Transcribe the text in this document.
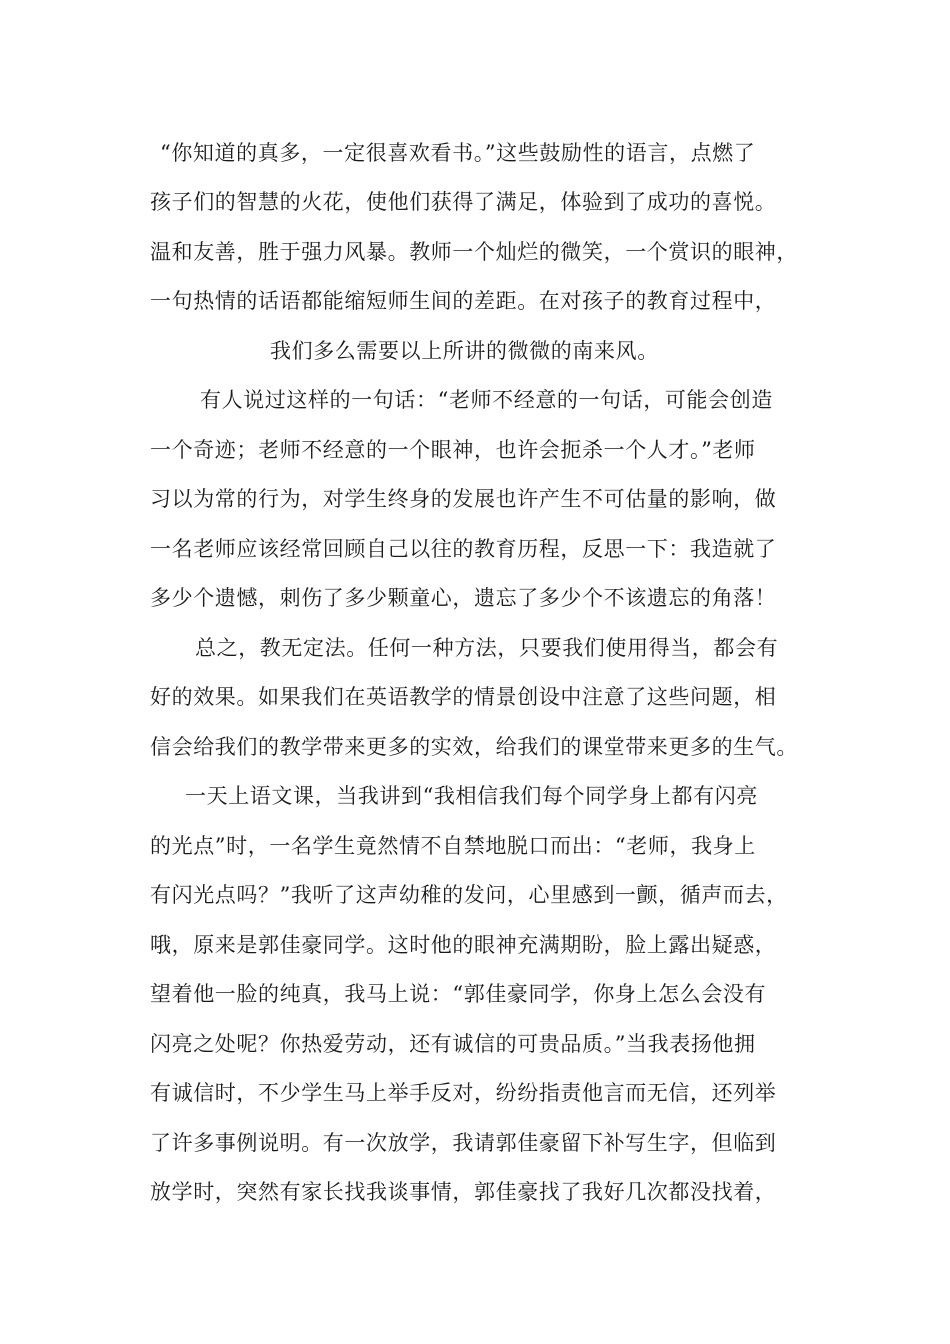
“你知道的真多，一定很喜欢看书。”这些鼓励性的语言，点燃了
孩子们的智慧的火花，使他们获得了满足，体验到了成功的喜悦。
温和友善，胜于强力风暴。教师一个灿烂的微笑，一个赏识的眼神，
一句热情的话语都能缩短师生间的差距。在对孩子的教育过程中，
我们多么需要以上所讲的微微的南来风。
有人说过这样的一句话：“老师不经意的一句话，可能会创造
一个奇迹；老师不经意的一个眼神，也许会扼杀一个人才。”老师
习以为常的行为，对学生终身的发展也许产生不可估量的影响，做
一名老师应该经常回顾自己以往的教育历程，反思一下：我造就了
多少个遗憾，刺伤了多少颗童心，遗忘了多少个不该遗忘的角落！
总之，教无定法。任何一种方法，只要我们使用得当，都会有
好的效果。如果我们在英语教学的情景创设中注意了这些问题，相
信会给我们的教学带来更多的实效，给我们的课堂带来更多的生气。
一天上语文课，当我讲到“我相信我们每个同学身上都有闪亮
的光点”时，一名学生竟然情不自禁地脱口而出：“老师，我身上
有闪光点吗？”我听了这声幼稚的发问，心里感到一颤，循声而去，
哦，原来是郭佳豪同学。这时他的眼神充满期盼，脸上露出疑惑，
望着他一脸的纯真，我马上说：“郭佳豪同学，你身上怎么会没有
闪亮之处呢？你热爱劳动，还有诚信的可贵品质。”当我表扬他拥
有诚信时，不少学生马上举手反对，纷纷指责他言而无信，还列举
了许多事例说明。有一次放学，我请郭佳豪留下补写生字，但临到
放学时，突然有家长找我谈事情，郭佳豪找了我好几次都没找着，
